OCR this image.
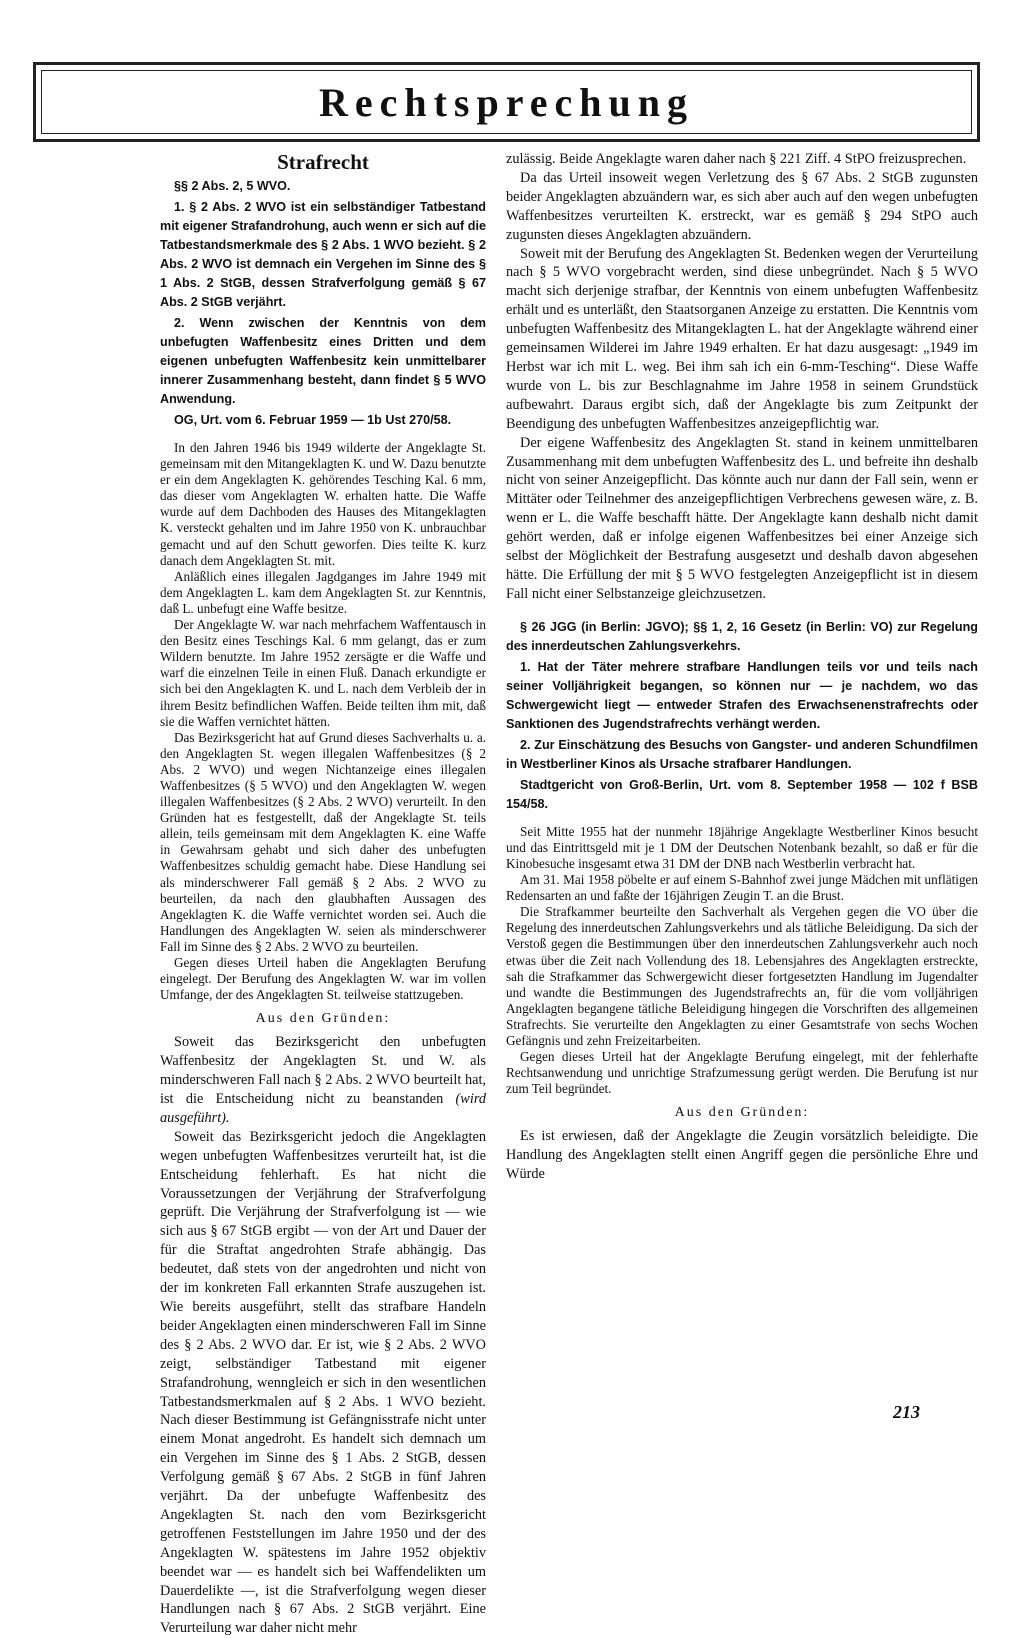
Rechtsprechung
Strafrecht

§§ 2 Abs. 2, 5 WVO.

1. § 2 Abs. 2 WVO ist ein selbständiger Tatbestand mit eigener Strafandrohung, auch wenn er sich auf die Tatbestandsmerkmale des § 2 Abs. 1 WVO bezieht. § 2 Abs. 2 WVO ist demnach ein Vergehen im Sinne des § 1 Abs. 2 StGB, dessen Strafverfolgung gemäß § 67 Abs. 2 StGB verjährt.

2. Wenn zwischen der Kenntnis von dem unbefugten Waffenbesitz eines Dritten und dem eigenen unbefugten Waffenbesitz kein unmittelbarer innerer Zusammenhang besteht, dann findet § 5 WVO Anwendung.

OG, Urt. vom 6. Februar 1959 — 1b Ust 270/58.

In den Jahren 1946 bis 1949 wilderte der Angeklagte St. gemeinsam mit den Mitangeklagten K. und W. Dazu benutzte er ein dem Angeklagten K. gehörendes Tesching Kal. 6 mm, das dieser vom Angeklagten W. erhalten hatte. Die Waffe wurde auf dem Dachboden des Hauses des Mitangeklagten K. versteckt gehalten und im Jahre 1950 von K. unbrauchbar gemacht und auf den Schutt geworfen. Dies teilte K. kurz danach dem Angeklagten St. mit.

Anläßlich eines illegalen Jagdganges im Jahre 1949 mit dem Angeklagten L. kam dem Angeklagten St. zur Kenntnis, daß L. unbefugt eine Waffe besitze.

Der Angeklagte W. war nach mehrfachem Waffentausch in den Besitz eines Teschings Kal. 6 mm gelangt, das er zum Wildern benutzte. Im Jahre 1952 zersägte er die Waffe und warf die einzelnen Teile in einen Fluß. Danach erkundigte er sich bei den Angeklagten K. und L. nach dem Verbleib der in ihrem Besitz befindlichen Waffen. Beide teilten ihm mit, daß sie die Waffen vernichtet hätten.

Das Bezirksgericht hat auf Grund dieses Sachverhalts u. a. den Angeklagten St. wegen illegalen Waffenbesitzes (§ 2 Abs. 2 WVO) und wegen Nichtanzeige eines illegalen Waffenbesitzes (§ 5 WVO) und den Angeklagten W. wegen illegalen Waffenbesitzes (§ 2 Abs. 2 WVO) verurteilt. In den Gründen hat es festgestellt, daß der Angeklagte St. teils allein, teils gemeinsam mit dem Angeklagten K. eine Waffe in Gewahrsam gehabt und sich daher des unbefugten Waffenbesitzes schuldig gemacht habe. Diese Handlung sei als minderschwerer Fall gemäß § 2 Abs. 2 WVO zu beurteilen, da nach den glaubhaften Aussagen des Angeklagten K. die Waffe vernichtet worden sei. Auch die Handlungen des Angeklagten W. seien als minderschwerer Fall im Sinne des § 2 Abs. 2 WVO zu beurteilen.

Gegen dieses Urteil haben die Angeklagten Berufung eingelegt. Der Berufung des Angeklagten W. war im vollen Umfange, der des Angeklagten St. teilweise stattzugeben.

Aus den Gründen:

Soweit das Bezirksgericht den unbefugten Waffenbesitz der Angeklagten St. und W. als minderschweren Fall nach § 2 Abs. 2 WVO beurteilt hat, ist die Entscheidung nicht zu beanstanden (wird ausgeführt).

Soweit das Bezirksgericht jedoch die Angeklagten wegen unbefugten Waffenbesitzes verurteilt hat, ist die Entscheidung fehlerhaft. Es hat nicht die Voraussetzungen der Verjährung der Strafverfolgung geprüft. Die Verjährung der Strafverfolgung ist — wie sich aus § 67 StGB ergibt — von der Art und Dauer der für die Straftat angedrohten Strafe abhängig. Das bedeutet, daß stets von der angedrohten und nicht von der im konkreten Fall erkannten Strafe auszugehen ist. Wie bereits ausgeführt, stellt das strafbare Handeln beider Angeklagten einen minderschweren Fall im Sinne des § 2 Abs. 2 WVO dar. Er ist, wie § 2 Abs. 2 WVO zeigt, selbständiger Tatbestand mit eigener Strafandrohung, wenngleich er sich in den wesentlichen Tatbestandsmerkmalen auf § 2 Abs. 1 WVO bezieht. Nach dieser Bestimmung ist Gefängnisstrafe nicht unter einem Monat angedroht. Es handelt sich demnach um ein Vergehen im Sinne des § 1 Abs. 2 StGB, dessen Verfolgung gemäß § 67 Abs. 2 StGB in fünf Jahren verjährt. Da der unbefugte Waffenbesitz des Angeklagten St. nach den vom Bezirksgericht getroffenen Feststellungen im Jahre 1950 und der des Angeklagten W. spätestens im Jahre 1952 objektiv beendet war — es handelt sich bei Waffendelikten um Dauerdelikte —, ist die Strafverfolgung wegen dieser Handlungen nach § 67 Abs. 2 StGB verjährt. Eine Verurteilung war daher nicht mehr

zulässig. Beide Angeklagte waren daher nach § 221 Ziff. 4 StPO freizusprechen.

Da das Urteil insoweit wegen Verletzung des § 67 Abs. 2 StGB zugunsten beider Angeklagten abzuändern war, es sich aber auch auf den wegen unbefugten Waffenbesitzes verurteilten K. erstreckt, war es gemäß § 294 StPO auch zugunsten dieses Angeklagten abzuändern.

Soweit mit der Berufung des Angeklagten St. Bedenken wegen der Verurteilung nach § 5 WVO vorgebracht werden, sind diese unbegründet. Nach § 5 WVO macht sich derjenige strafbar, der Kenntnis von einem unbefugten Waffenbesitz erhält und es unterläßt, den Staatsorganen Anzeige zu erstatten. Die Kenntnis vom unbefugten Waffenbesitz des Mitangeklagten L. hat der Angeklagte während einer gemeinsamen Wilderei im Jahre 1949 erhalten. Er hat dazu ausgesagt: „1949 im Herbst war ich mit L. weg. Bei ihm sah ich ein 6-mm-Tesching“. Diese Waffe wurde von L. bis zur Beschlagnahme im Jahre 1958 in seinem Grundstück aufbewahrt. Daraus ergibt sich, daß der Angeklagte bis zum Zeitpunkt der Beendigung des unbefugten Waffenbesitzes anzeigepflichtig war.

Der eigene Waffenbesitz des Angeklagten St. stand in keinem unmittelbaren Zusammenhang mit dem unbefugten Waffenbesitz des L. und befreite ihn deshalb nicht von seiner Anzeigepflicht. Das könnte auch nur dann der Fall sein, wenn er Mittäter oder Teilnehmer des anzeigepflichtigen Verbrechens gewesen wäre, z. B. wenn er L. die Waffe beschafft hätte. Der Angeklagte kann deshalb nicht damit gehört werden, daß er infolge eigenen Waffenbesitzes bei einer Anzeige sich selbst der Möglichkeit der Bestrafung ausgesetzt und deshalb davon abgesehen hätte. Die Erfüllung der mit § 5 WVO festgelegten Anzeigepflicht ist in diesem Fall nicht einer Selbstanzeige gleichzusetzen.

§ 26 JGG (in Berlin: JGVO); §§ 1, 2, 16 Gesetz (in Berlin: VO) zur Regelung des innerdeutschen Zahlungsverkehrs.

1. Hat der Täter mehrere strafbare Handlungen teils vor und teils nach seiner Volljährigkeit begangen, so können nur — je nachdem, wo das Schwergewicht liegt — entweder Strafen des Erwachsenenstrafrechts oder Sanktionen des Jugendstrafrechts verhängt werden.

2. Zur Einschätzung des Besuchs von Gangster- und anderen Schundfilmen in Westberliner Kinos als Ursache strafbarer Handlungen.

Stadtgericht von Groß-Berlin, Urt. vom 8. September 1958 — 102 f BSB 154/58.

Seit Mitte 1955 hat der nunmehr 18jährige Angeklagte Westberliner Kinos besucht und das Eintrittsgeld mit je 1 DM der Deutschen Notenbank bezahlt, so daß er für die Kinobesuche insgesamt etwa 31 DM der DNB nach Westberlin verbracht hat.

Am 31. Mai 1958 pöbelte er auf einem S-Bahnhof zwei junge Mädchen mit unflätigen Redensarten an und faßte der 16jährigen Zeugin T. an die Brust.

Die Strafkammer beurteilte den Sachverhalt als Vergehen gegen die VO über die Regelung des innerdeutschen Zahlungsverkehrs und als tätliche Beleidigung. Da sich der Verstoß gegen die Bestimmungen über den innerdeutschen Zahlungsverkehr auch noch etwas über die Zeit nach Vollendung des 18. Lebensjahres des Angeklagten erstreckte, sah die Strafkammer das Schwergewicht dieser fortgesetzten Handlung im Jugendalter und wandte die Bestimmungen des Jugendstrafrechts an, für die vom volljährigen Angeklagten begangene tätliche Beleidigung hingegen die Vorschriften des allgemeinen Strafrechts. Sie verurteilte den Angeklagten zu einer Gesamtstrafe von sechs Wochen Gefängnis und zehn Freizeitarbeiten.

Gegen dieses Urteil hat der Angeklagte Berufung eingelegt, mit der fehlerhafte Rechtsanwendung und unrichtige Strafzumessung gerügt werden. Die Berufung ist nur zum Teil begründet.

Aus den Gründen:

Es ist erwiesen, daß der Angeklagte die Zeugin vorsätzlich beleidigte. Die Handlung des Angeklagten stellt einen Angriff gegen die persönliche Ehre und Würde

213
